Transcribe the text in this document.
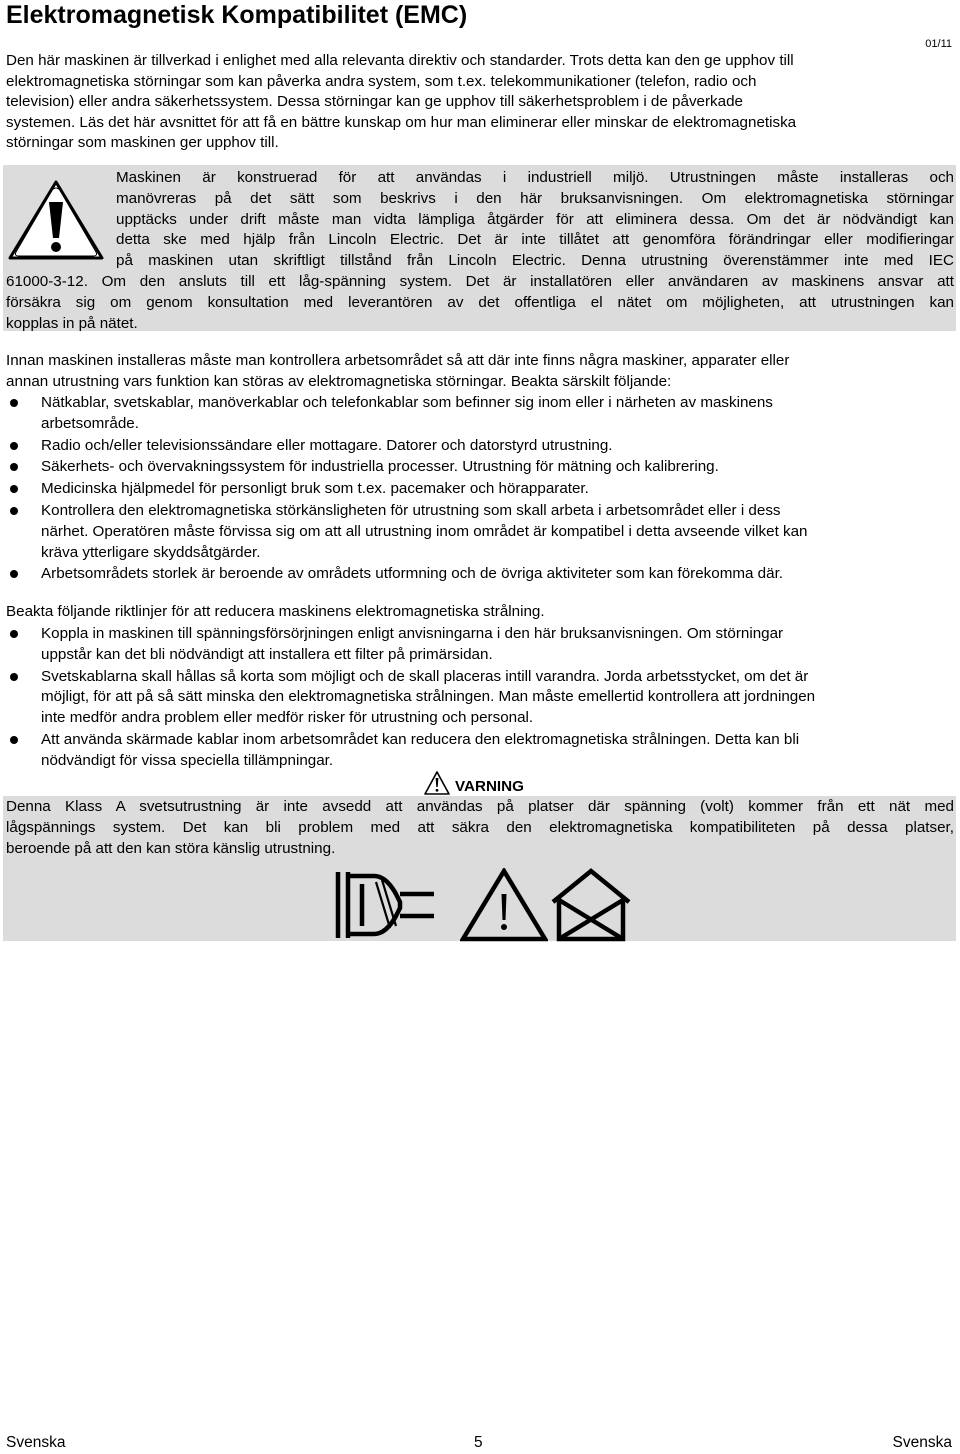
Elektromagnetisk Kompatibilitet (EMC)
01/11
Den här maskinen är tillverkad i enlighet med alla relevanta direktiv och standarder. Trots detta kan den ge upphov till
elektromagnetiska störningar som kan påverka andra system, som t.ex. telekommunikationer (telefon, radio och
television) eller andra säkerhetssystem. Dessa störningar kan ge upphov till säkerhetsproblem i de påverkade
systemen. Läs det här avsnittet för att få en bättre kunskap om hur man eliminerar eller minskar de elektromagnetiska
störningar som maskinen ger upphov till.
Maskinen är konstruerad för att användas i industriell miljö. Utrustningen måste installeras och
manövreras på det sätt som beskrivs i den här bruksanvisningen. Om elektromagnetiska störningar
upptäcks under drift måste man vidta lämpliga åtgärder för att eliminera dessa. Om det är nödvändigt kan
detta ske med hjälp från Lincoln Electric. Det är inte tillåtet att genomföra förändringar eller modifieringar
på maskinen utan skriftligt tillstånd från Lincoln Electric. Denna utrustning överenstämmer inte med IEC
61000-3-12. Om den ansluts till ett låg-spänning system. Det är installatören eller användaren av maskinens ansvar att
försäkra sig om genom konsultation med leverantören av det offentliga el nätet om möjligheten, att utrustningen kan
kopplas in på nätet.
Innan maskinen installeras måste man kontrollera arbetsområdet så att där inte finns några maskiner, apparater eller
annan utrustning vars funktion kan störas av elektromagnetiska störningar. Beakta särskilt följande:
Nätkablar, svetskablar, manöverkablar och telefonkablar som befinner sig inom eller i närheten av maskinens
arbetsområde.
Radio och/eller televisionssändare eller mottagare. Datorer och datorstyrd utrustning.
Säkerhets- och övervakningssystem för industriella processer. Utrustning för mätning och kalibrering.
Medicinska hjälpmedel för personligt bruk som t.ex. pacemaker och hörapparater.
Kontrollera den elektromagnetiska störkänsligheten för utrustning som skall arbeta i arbetsområdet eller i dess
närhet. Operatören måste förvissa sig om att all utrustning inom området är kompatibel i detta avseende vilket kan
kräva ytterligare skyddsåtgärder.
Arbetsområdets storlek är beroende av områdets utformning och de övriga aktiviteter som kan förekomma där.
Beakta följande riktlinjer för att reducera maskinens elektromagnetiska strålning.
Koppla in maskinen till spänningsförsörjningen enligt anvisningarna i den här bruksanvisningen. Om störningar
uppstår kan det bli nödvändigt att installera ett filter på primärsidan.
Svetskablarna skall hållas så korta som möjligt och de skall placeras intill varandra. Jorda arbetsstycket, om det är
möjligt, för att på så sätt minska den elektromagnetiska strålningen. Man måste emellertid kontrollera att jordningen
inte medför andra problem eller medför risker för utrustning och personal.
Att använda skärmade kablar inom arbetsområdet kan reducera den elektromagnetiska strålningen. Detta kan bli
nödvändigt för vissa speciella tillämpningar.
VARNING
Denna Klass A svetsutrustning är inte avsedd att användas på platser där spänning (volt) kommer från ett nät med
lågspännings system. Det kan bli problem med att säkra den elektromagnetiska kompatibiliteten på dessa platser,
beroende på att den kan störa känslig utrustning.
Svenska	5	Svenska
